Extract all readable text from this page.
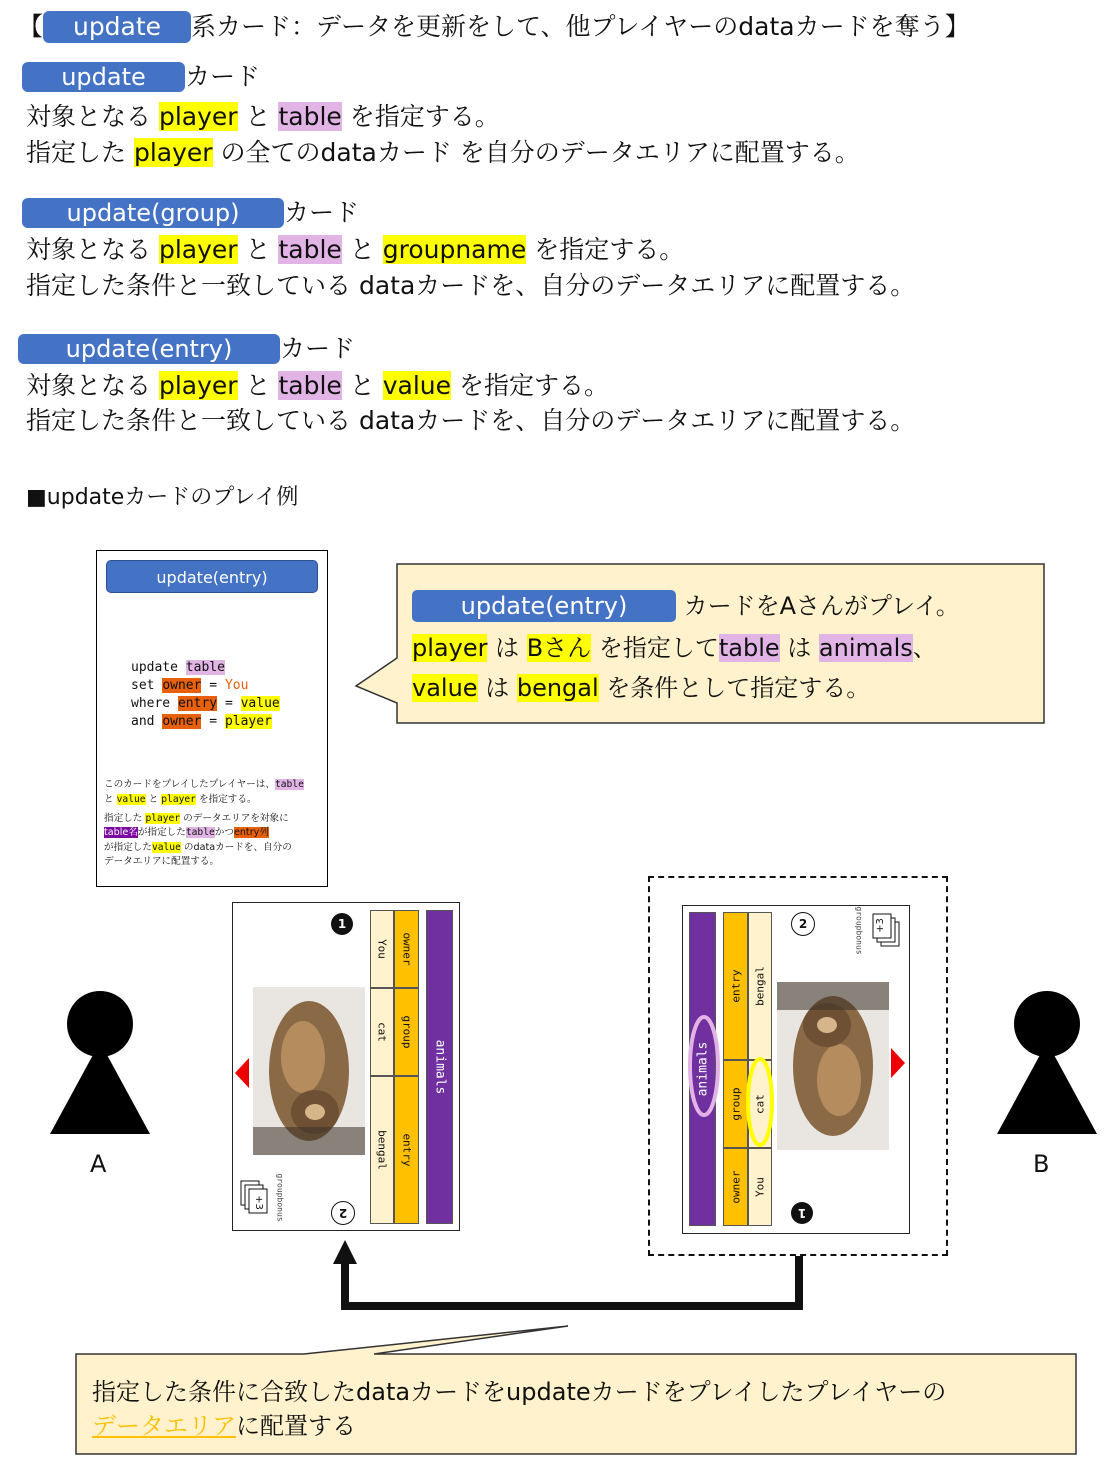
【 update 系カード：データを更新をして、他プレイヤーのdataカードを奪う】
update カード
対象となる player と table を指定する。
指定した player の全てのdataカード を自分のデータエリアに配置する。
update(group) カード
対象となる player と table と groupname を指定する。
指定した条件と一致している dataカードを、自分のデータエリアに配置する。
update(entry) カード
対象となる player と table と value を指定する。
指定した条件と一致している dataカードを、自分のデータエリアに配置する。
■updateカードのプレイ例
update(entry)
update table
set owner = You
where entry = value
and owner = player
このカードをプレイしたプレイヤーは、table
と value と player を指定する。
指定した player のデータエリアを対象に
table名が指定したtableかつentry列
が指定したvalue のdataカードを、自分の
データエリアに配置する。
update(entry) カードをAさんがプレイ。
player は Bさん を指定してtable は animals、
value は bengal を条件として指定する。
A	B
1
2
You
cat
bengal
owner
group
entry
animals
+3 groupbonus
2
1
animals
entry
group
owner
bengal
cat
You
+3
groupbonus
指定した条件に合致したdataカードをupdateカードをプレイしたプレイヤーの
データエリアに配置する
